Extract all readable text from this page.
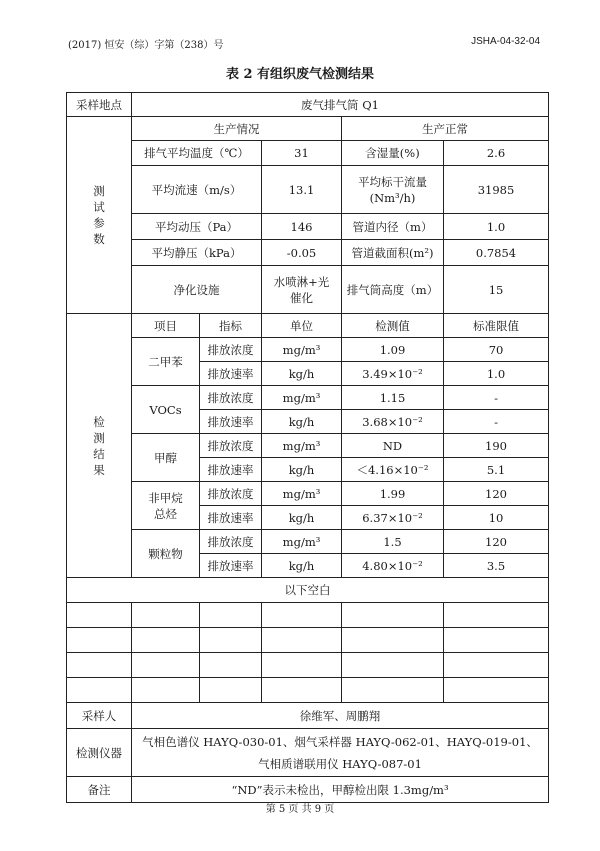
(2017) 恒安（综）字第（238）号	JSHA-04-32-04
表 2 有组织废气检测结果
采样地点	废气排气筒 Q1				
测
试
参
数	生产情况			生产正常	
	排气平均温度（℃）		31	含湿量(%)	2.6
	平均流速（m/s）		13.1	平均标干流量
(Nm³/h)	31985
	平均动压（Pa）		146	管道内径（m）	1.0
	平均静压（kPa）		-0.05	管道截面积(m²)	0.7854
	净化设施		水喷淋+光
催化	排气筒高度（m）	15
检
测
结
果	项目	指标	单位	检测值	标准限值
	二甲苯	排放浓度	mg/m³	1.09	70
		排放速率	kg/h	3.49×10⁻²	1.0
	VOCs	排放浓度	mg/m³	1.15	-
		排放速率	kg/h	3.68×10⁻²	-
	甲醇	排放浓度	mg/m³	ND	190
		排放速率	kg/h	＜4.16×10⁻²	5.1
	非甲烷
总烃	排放浓度	mg/m³	1.99	120
		排放速率	kg/h	6.37×10⁻²	10
	颗粒物	排放浓度	mg/m³	1.5	120
		排放速率	kg/h	4.80×10⁻²	3.5
以下空白					

采样人	徐维军、周鹏翔				
检测仪器	气相色谱仪 HAYQ-030-01、烟气采样器 HAYQ-062-01、HAYQ-019-01、
气相质谱联用仪 HAYQ-087-01				
备注	“ND”表示未检出，甲醇检出限 1.3mg/m³				
第 5 页 共 9 页
